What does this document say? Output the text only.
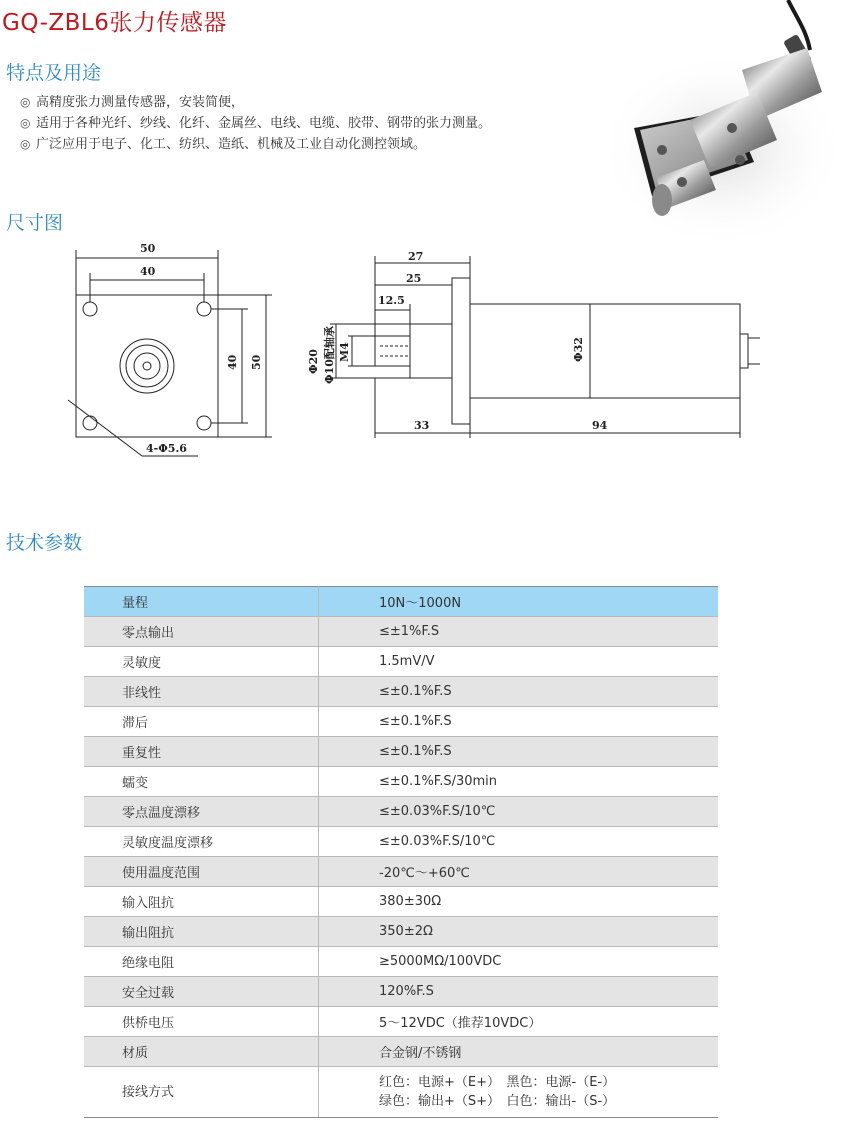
GQ-ZBL6张力传感器
特点及用途
◎ 高精度张力测量传感器，安装简便，
◎ 适用于各种光纤、纱线、化纤、金属丝、电线、电缆、胶带、钢带的张力测量。
◎ 广泛应用于电子、化工、纺织、造纸、机械及工业自动化测控领域。
尺寸图
50
40
40 50
4-Φ5.6
27
25
12.5
Φ20 Φ10配轴承 M4	Φ32
33	94
技术参数
量程	10N～1000N
零点输出	≤±1%F.S
灵敏度	1.5mV/V
非线性	≤±0.1%F.S
滞后	≤±0.1%F.S
重复性	≤±0.1%F.S
蠕变	≤±0.1%F.S/30min
零点温度漂移	≤±0.03%F.S/10℃
灵敏度温度漂移	≤±0.03%F.S/10℃
使用温度范围	-20℃～+60℃
输入阻抗	380±30Ω
输出阻抗	350±2Ω
绝缘电阻	≥5000MΩ/100VDC
安全过载	120%F.S
供桥电压	5～12VDC（推荐10VDC）
材质	合金钢/不锈钢
接线方式	红色：电源+（E+）　黑色：电源-（E-）
绿色：输出+（S+）　白色：输出-（S-）
